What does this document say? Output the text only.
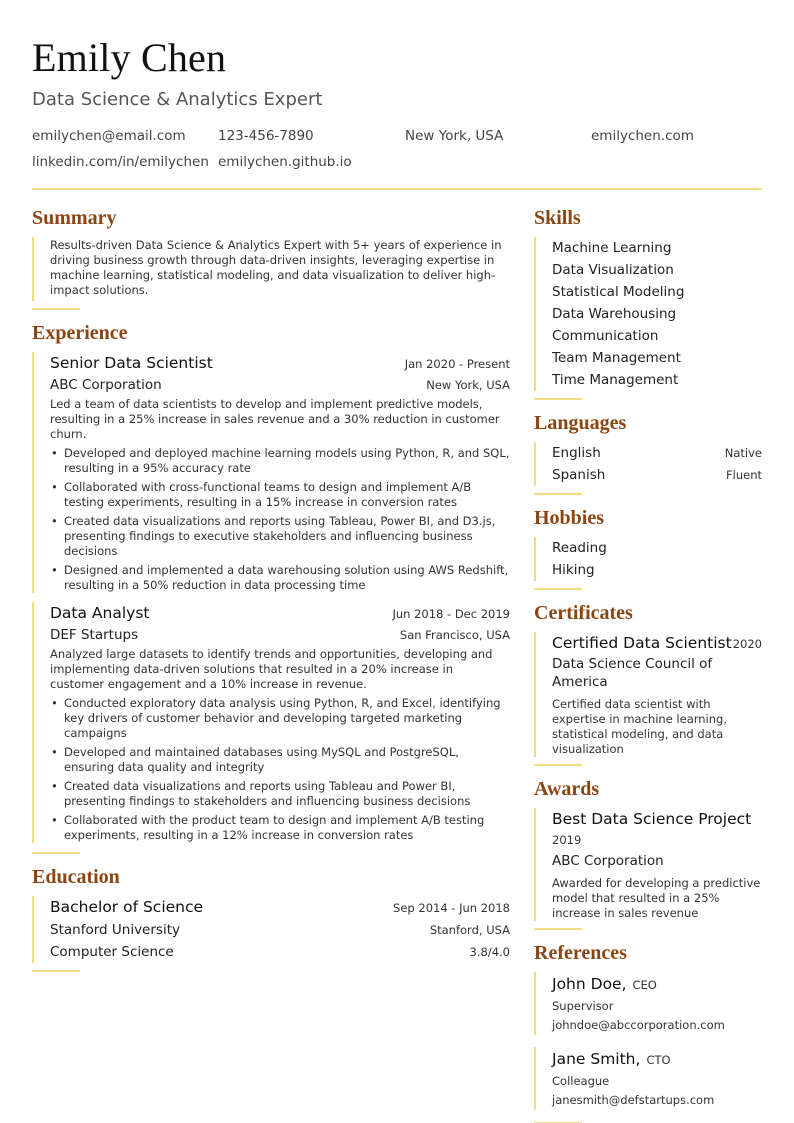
Emily Chen
Data Science & Analytics Expert
emilychen@email.com 123-456-7890	New York, USA	emilychen.com
linkedin.com/in/emilychen emilychen.github.io
Summary

Results-driven Data Science & Analytics Expert with 5+ years of experience in driving business growth through data-driven insights, leveraging expertise in machine learning, statistical modeling, and data visualization to deliver high-impact solutions.

Experience
Senior Data Scientist	Jan 2020 - Present
ABC Corporation	New York, USA

Led a team of data scientists to develop and implement predictive models, resulting in a 25% increase in sales revenue and a 30% reduction in customer churn.

• Developed and deployed machine learning models using Python, R, and SQL, resulting in a 95% accuracy rate
• Collaborated with cross-functional teams to design and implement A/B testing experiments, resulting in a 15% increase in conversion rates
• Created data visualizations and reports using Tableau, Power BI, and D3.js, presenting findings to executive stakeholders and influencing business decisions
• Designed and implemented a data warehousing solution using AWS Redshift, resulting in a 50% reduction in data processing time
Data Analyst	Jun 2018 - Dec 2019
DEF Startups	San Francisco, USA

Analyzed large datasets to identify trends and opportunities, developing and implementing data-driven solutions that resulted in a 20% increase in customer engagement and a 10% increase in revenue.

• Conducted exploratory data analysis using Python, R, and Excel, identifying key drivers of customer behavior and developing targeted marketing campaigns
• Developed and maintained databases using MySQL and PostgreSQL, ensuring data quality and integrity
• Created data visualizations and reports using Tableau and Power BI, presenting findings to stakeholders and influencing business decisions
• Collaborated with the product team to design and implement A/B testing experiments, resulting in a 12% increase in conversion rates
Education
Bachelor of Science	Sep 2014 - Jun 2018
Stanford University	Stanford, USA
Computer Science	3.8/4.0
Skills
Machine Learning
Data Visualization
Statistical Modeling
Data Warehousing
Communication
Team Management
Time Management
Languages
English	Native
Spanish	Fluent
Hobbies
Reading
Hiking
Certificates
Certified Data Scientist 2020
Data Science Council of America
Certified data scientist with expertise in machine learning, statistical modeling, and data visualization
Awards
Best Data Science Project
2019
ABC Corporation
Awarded for developing a predictive model that resulted in a 25% increase in sales revenue
References
John Doe, CEO
Supervisor
johndoe@abccorporation.com
Jane Smith, CTO
Colleague
janesmith@defstartups.com
